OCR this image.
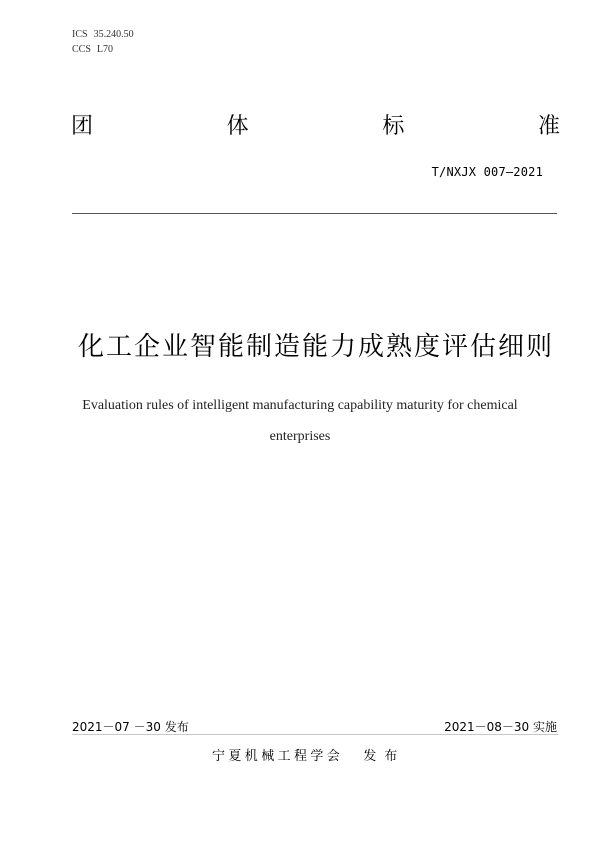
ICS 35.240.50
CCS L70
团	体	标	准
T/NXJX 007—2021
化工企业智能制造能力成熟度评估细则
Evaluation rules of intelligent manufacturing capability maturity for chemical
enterprises
2021－07 －30 发布	2021－08－30 实施
宁夏机械工程学会 发布
